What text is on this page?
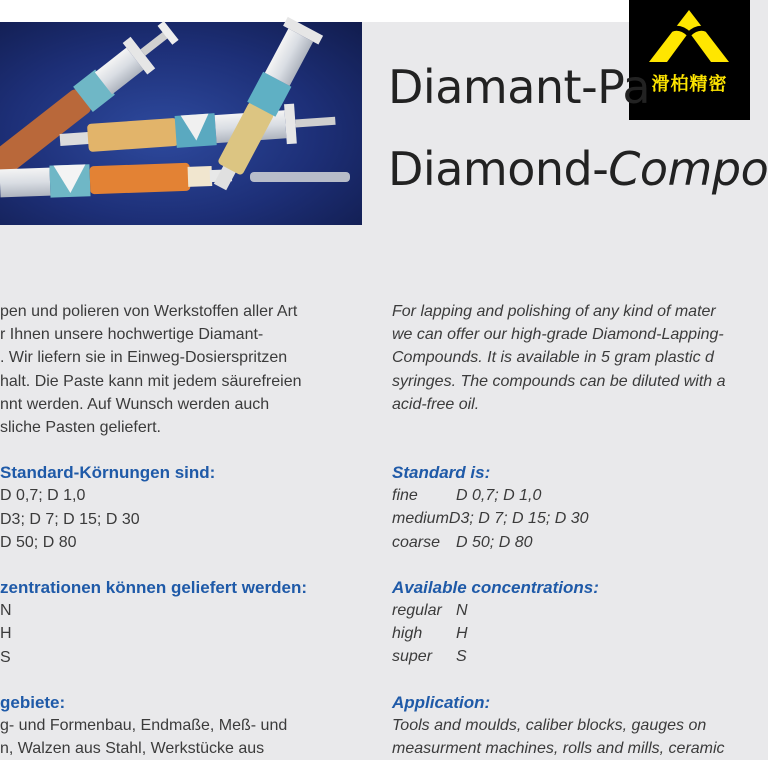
滑柏精密
Diamant-Pa
Diamond-Compo
pen und polieren von Werkstoffen aller Art
r Ihnen unsere hochwertige Diamant-
. Wir liefern sie in Einweg-Dosierspritzen
halt. Die Paste kann mit jedem säurefreien
nnt werden. Auf Wunsch werden auch
sliche Pasten geliefert.
Standard-Körnungen sind:
D 0,7; D 1,0
D3; D 7; D 15; D 30
D 50; D 80
zentrationen können geliefert werden:
N
H
S
gebiete:
g- und Formenbau, Endmaße, Meß- und
n, Walzen aus Stahl, Werkstücke aus
For lapping and polishing of any kind of mater
we can offer our high-grade Diamond-Lapping-
Compounds. It is available in 5 gram plastic d
syringes. The compounds can be diluted with a
acid-free oil.
Standard is:
fine D 0,7; D 1,0
mediumD3; D 7; D 15; D 30
coarse D 50; D 80
Available concentrations:
regular N
high H
super S
Application:
Tools and moulds, caliber blocks, gauges on
measurment machines, rolls and mills, ceramic
